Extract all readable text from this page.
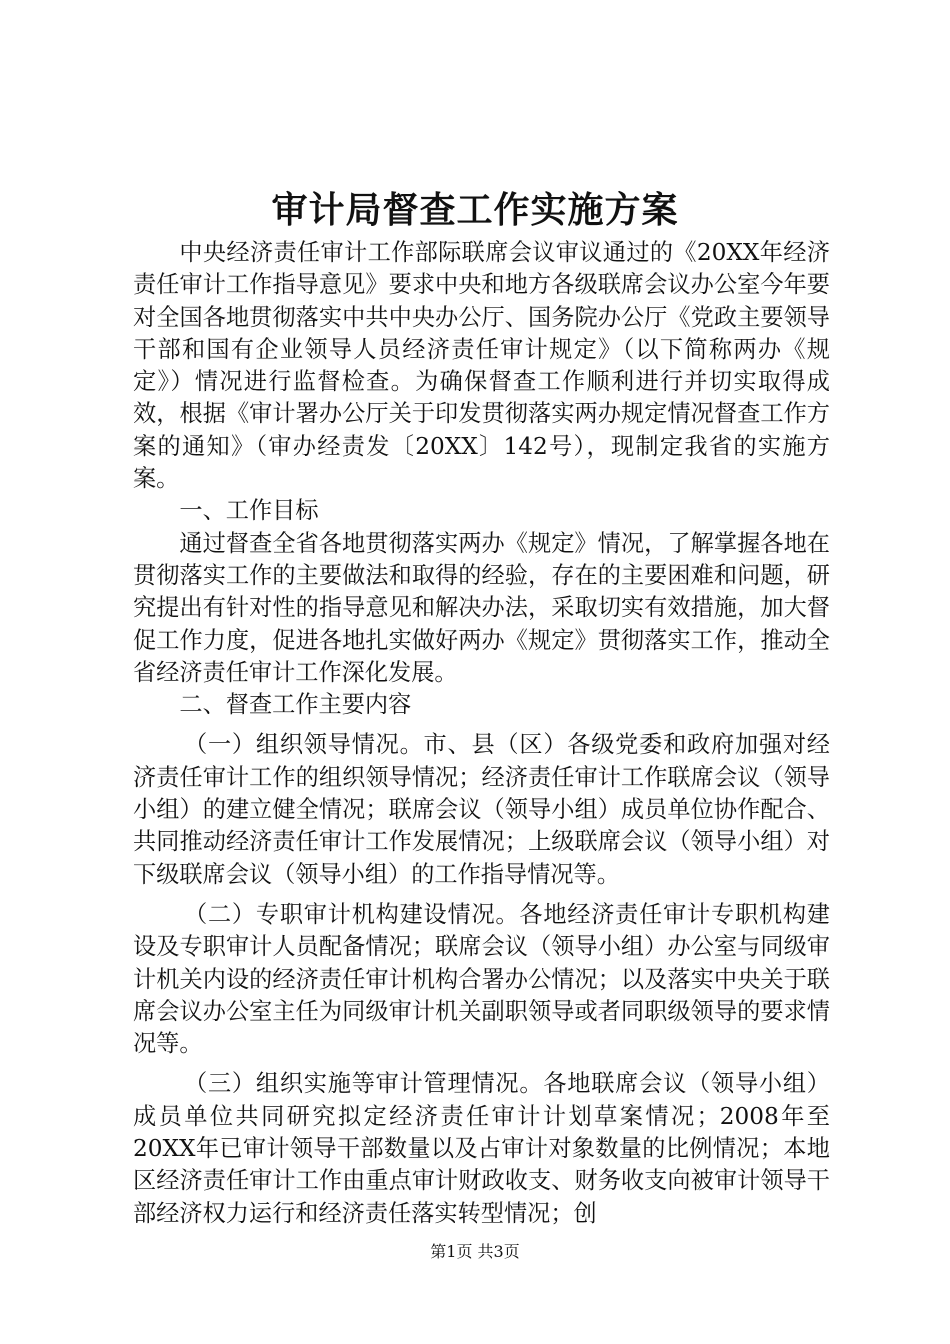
审计局督查工作实施方案

中央经济责任审计工作部际联席会议审议通过的《20XX年经济责任审计工作指导意见》要求中央和地方各级联席会议办公室今年要对全国各地贯彻落实中共中央办公厅、国务院办公厅《党政主要领导干部和国有企业领导人员经济责任审计规定》（以下简称两办《规定》）情况进行监督检查。为确保督查工作顺利进行并切实取得成效，根据《审计署办公厅关于印发贯彻落实两办规定情况督查工作方案的通知》（审办经责发〔20XX〕142号），现制定我省的实施方案。

一、工作目标

通过督查全省各地贯彻落实两办《规定》情况，了解掌握各地在贯彻落实工作的主要做法和取得的经验，存在的主要困难和问题，研究提出有针对性的指导意见和解决办法，采取切实有效措施，加大督促工作力度，促进各地扎实做好两办《规定》贯彻落实工作，推动全省经济责任审计工作深化发展。

二、督查工作主要内容

（一）组织领导情况。市、县（区）各级党委和政府加强对经济责任审计工作的组织领导情况；经济责任审计工作联席会议（领导小组）的建立健全情况；联席会议（领导小组）成员单位协作配合、共同推动经济责任审计工作发展情况；上级联席会议（领导小组）对下级联席会议（领导小组）的工作指导情况等。

（二）专职审计机构建设情况。各地经济责任审计专职机构建设及专职审计人员配备情况；联席会议（领导小组）办公室与同级审计机关内设的经济责任审计机构合署办公情况；以及落实中央关于联席会议办公室主任为同级审计机关副职领导或者同职级领导的要求情况等。

（三）组织实施等审计管理情况。各地联席会议（领导小组）成员单位共同研究拟定经济责任审计计划草案情况；2008年至20XX年已审计领导干部数量以及占审计对象数量的比例情况；本地区经济责任审计工作由重点审计财政收支、财务收支向被审计领导干部经济权力运行和经济责任落实转型情况；创

第1页 共3页
